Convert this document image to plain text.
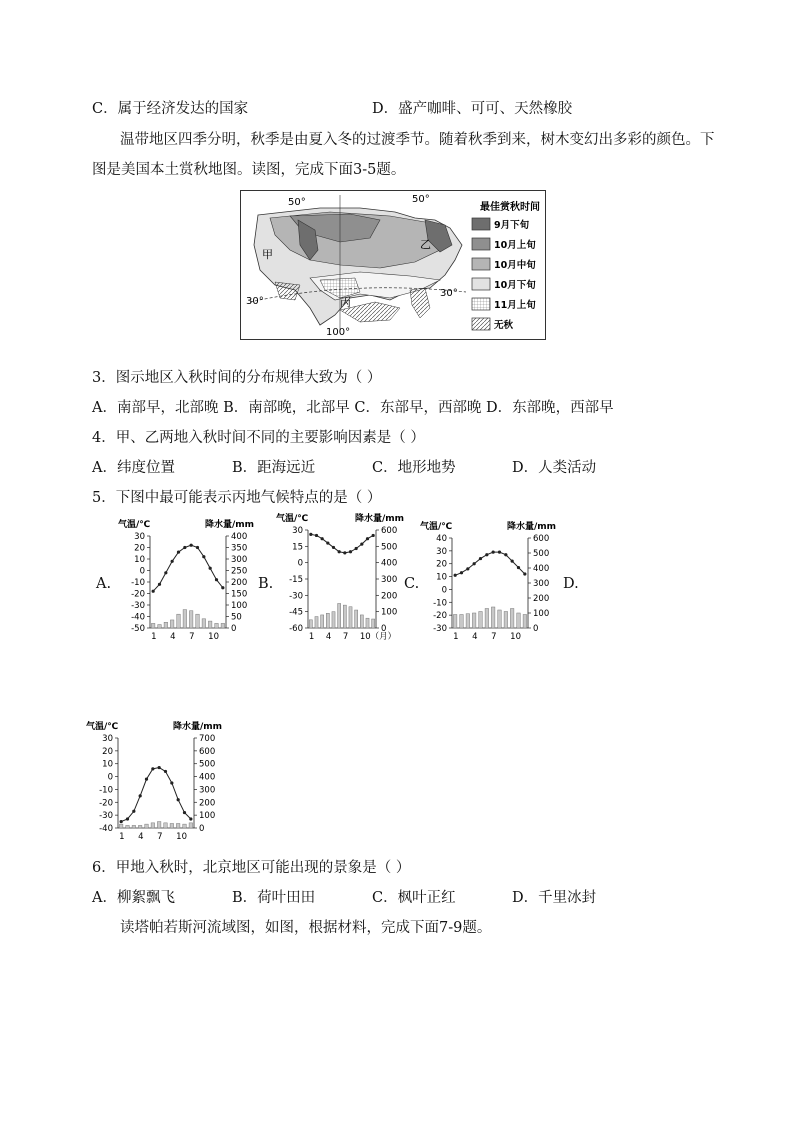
C．属于经济发达的国家	D．盛产咖啡、可可、天然橡胶
温带地区四季分明，秋季是由夏入冬的过渡季节。随着秋季到来，树木变幻出多彩的颜色。下
图是美国本土赏秋地图。读图，完成下面3-5题。
50°	50°
30°
30°
100°
甲
乙
丙
最佳赏秋时间
9月下旬
10月上旬
10月中旬
10月下旬
11月上旬
无秋
3．图示地区入秋时间的分布规律大致为（ ）
A．南部早，北部晚 B．南部晚，北部早 C．东部早，西部晚 D．东部晚，西部早
4．甲、乙两地入秋时间不同的主要影响因素是（ ）
A．纬度位置	B．距海远近	C．地形地势	D．人类活动
5．下图中最可能表示丙地气候特点的是（ ）
A.	B.	C.	D.
气温/℃	降水量/mm
30
20
10
0
-10
-20
-30
-40
-50
400
350
300
250
200
150
100
50
0
1 4 7 10
气温/℃	降水量/mm
30
15
0
-15
-30
-45
-60
600
500
400
300
200
100
0
1 4 7 10（月）
气温/℃	降水量/mm
40
30
20
10
0
-10
-20
-30
600
500
400
300
200
100
0
1 4 7 10
气温/℃	降水量/mm
30
20
10
0
-10
-20
-30
-40
700
600
500
400
300
200
100
0
1 4 7 10
6．甲地入秋时，北京地区可能出现的景象是（ ）
A．柳絮飘飞	B．荷叶田田	C．枫叶正红	D．千里冰封
读塔帕若斯河流域图，如图，根据材料，完成下面7-9题。
